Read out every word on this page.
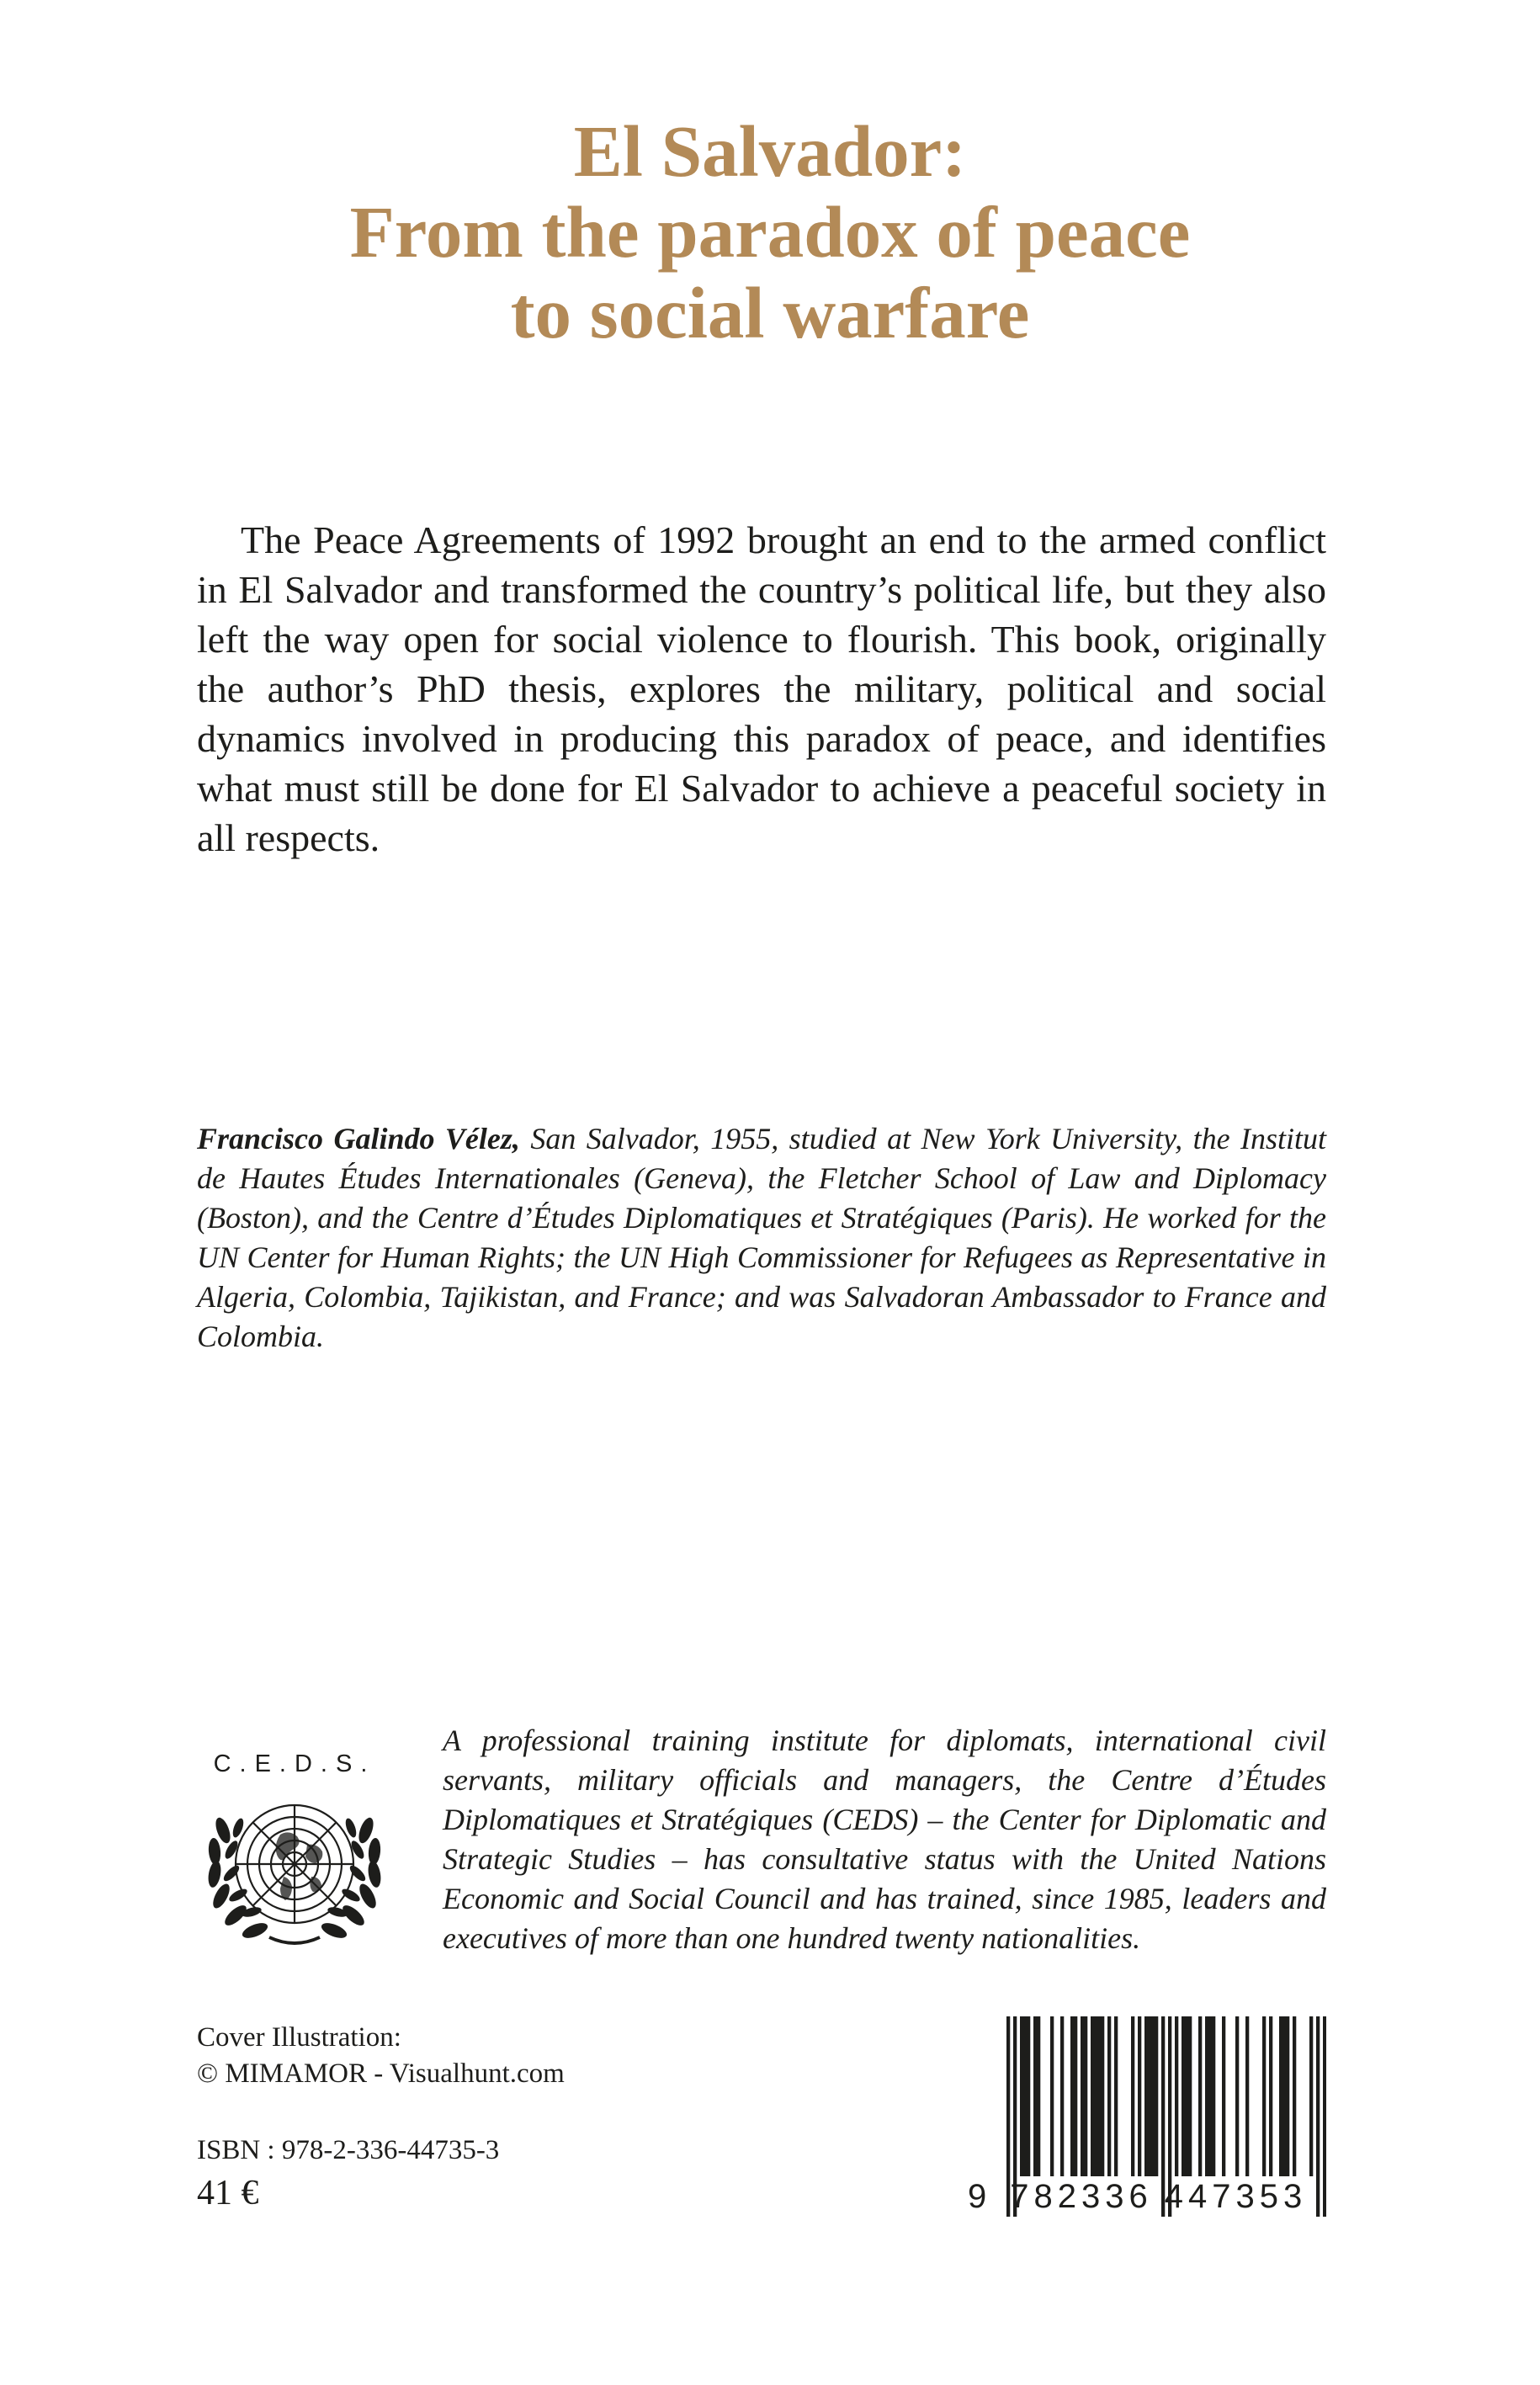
El Salvador:
From the paradox of peace
to social warfare

The Peace Agreements of 1992 brought an end to the armed conflict in El Salvador and transformed the country’s political life, but they also left the way open for social violence to flourish. This book, originally the author’s PhD thesis, explores the military, political and social dynamics involved in producing this paradox of peace, and identifies what must still be done for El Salvador to achieve a peaceful society in all respects.

Francisco Galindo Vélez, San Salvador, 1955, studied at New York University, the Institut de Hautes Études Internationales (Geneva), the Fletcher School of Law and Diplomacy (Boston), and the Centre d’Études Diplomatiques et Stratégiques (Paris). He worked for the UN Center for Human Rights; the UN High Commissioner for Refugees as Representative in Algeria, Colombia, Tajikistan, and France; and was Salvadoran Ambassador to France and Colombia.

C.E.D.S.

A professional training institute for diplomats, international civil servants, military officials and managers, the Centre d’Études Diplomatiques et Stratégiques (CEDS) – the Center for Diplomatic and Strategic Studies – has consultative status with the United Nations Economic and Social Council and has trained, since 1985, leaders and executives of more than one hundred twenty nationalities.

Cover Illustration:
© MIMAMOR - Visualhunt.com
ISBN : 978-2-336-44735-3
41 €	9 782336 447353
